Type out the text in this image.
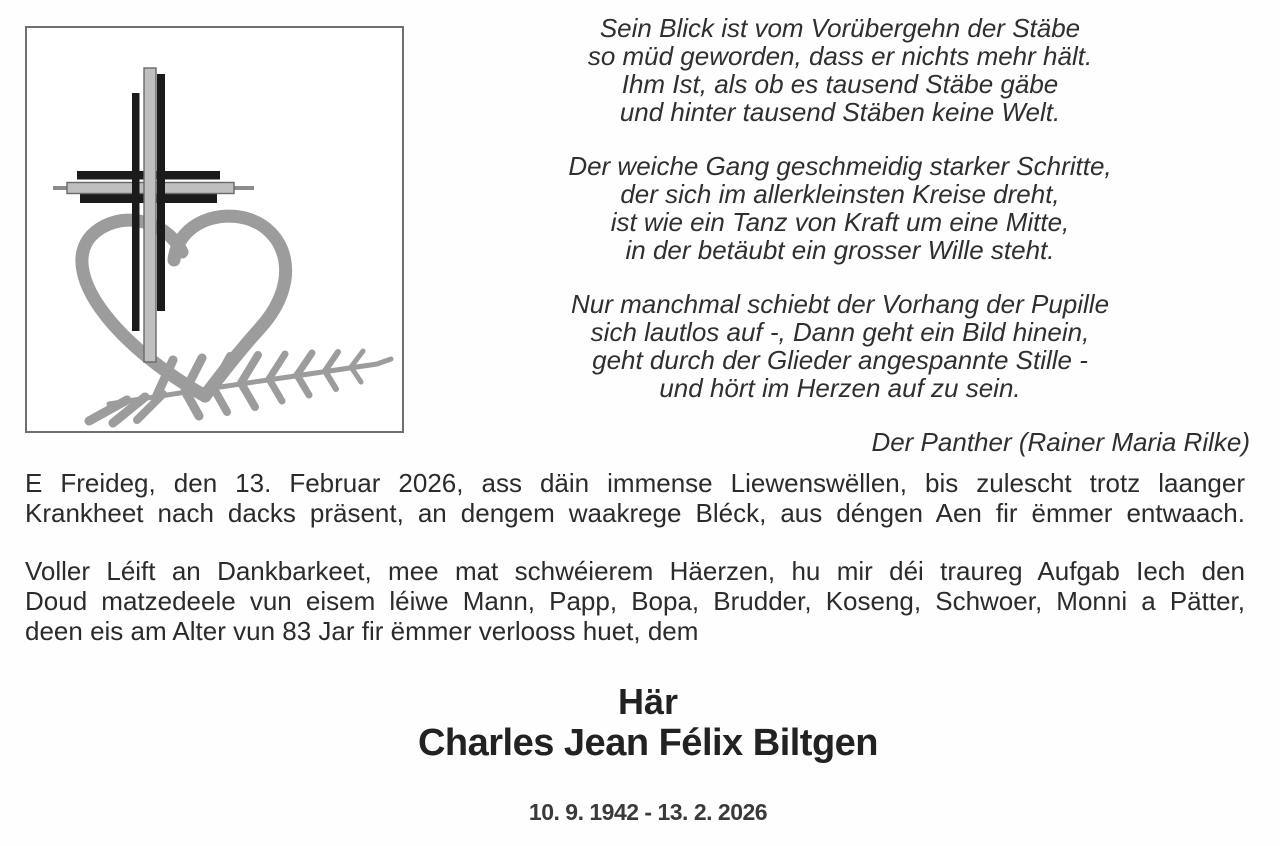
Sein Blick ist vom Vorübergehn der Stäbe
so müd geworden, dass er nichts mehr hält.
Ihm Ist, als ob es tausend Stäbe gäbe
und hinter tausend Stäben keine Welt.
Der weiche Gang geschmeidig starker Schritte,
der sich im allerkleinsten Kreise dreht,
ist wie ein Tanz von Kraft um eine Mitte,
in der betäubt ein grosser Wille steht.
Nur manchmal schiebt der Vorhang der Pupille
sich lautlos auf -, Dann geht ein Bild hinein,
geht durch der Glieder angespannte Stille -
und hört im Herzen auf zu sein.
Der Panther (Rainer Maria Rilke)
E Freideg, den 13. Februar 2026, ass däin immense Liewenswëllen, bis zulescht trotz laanger
Krankheet nach dacks präsent, an dengem waakrege Bléck, aus déngen Aen fir ëmmer entwaach.
Voller Léift an Dankbarkeet, mee mat schwéierem Häerzen, hu mir déi traureg Aufgab Iech den
Doud matzedeele vun eisem léiwe Mann, Papp, Bopa, Brudder, Koseng, Schwoer, Monni a Pätter,
deen eis am Alter vun 83 Jar fir ëmmer verlooss huet, dem
Här
Charles Jean Félix Biltgen
10. 9. 1942 - 13. 2. 2026
